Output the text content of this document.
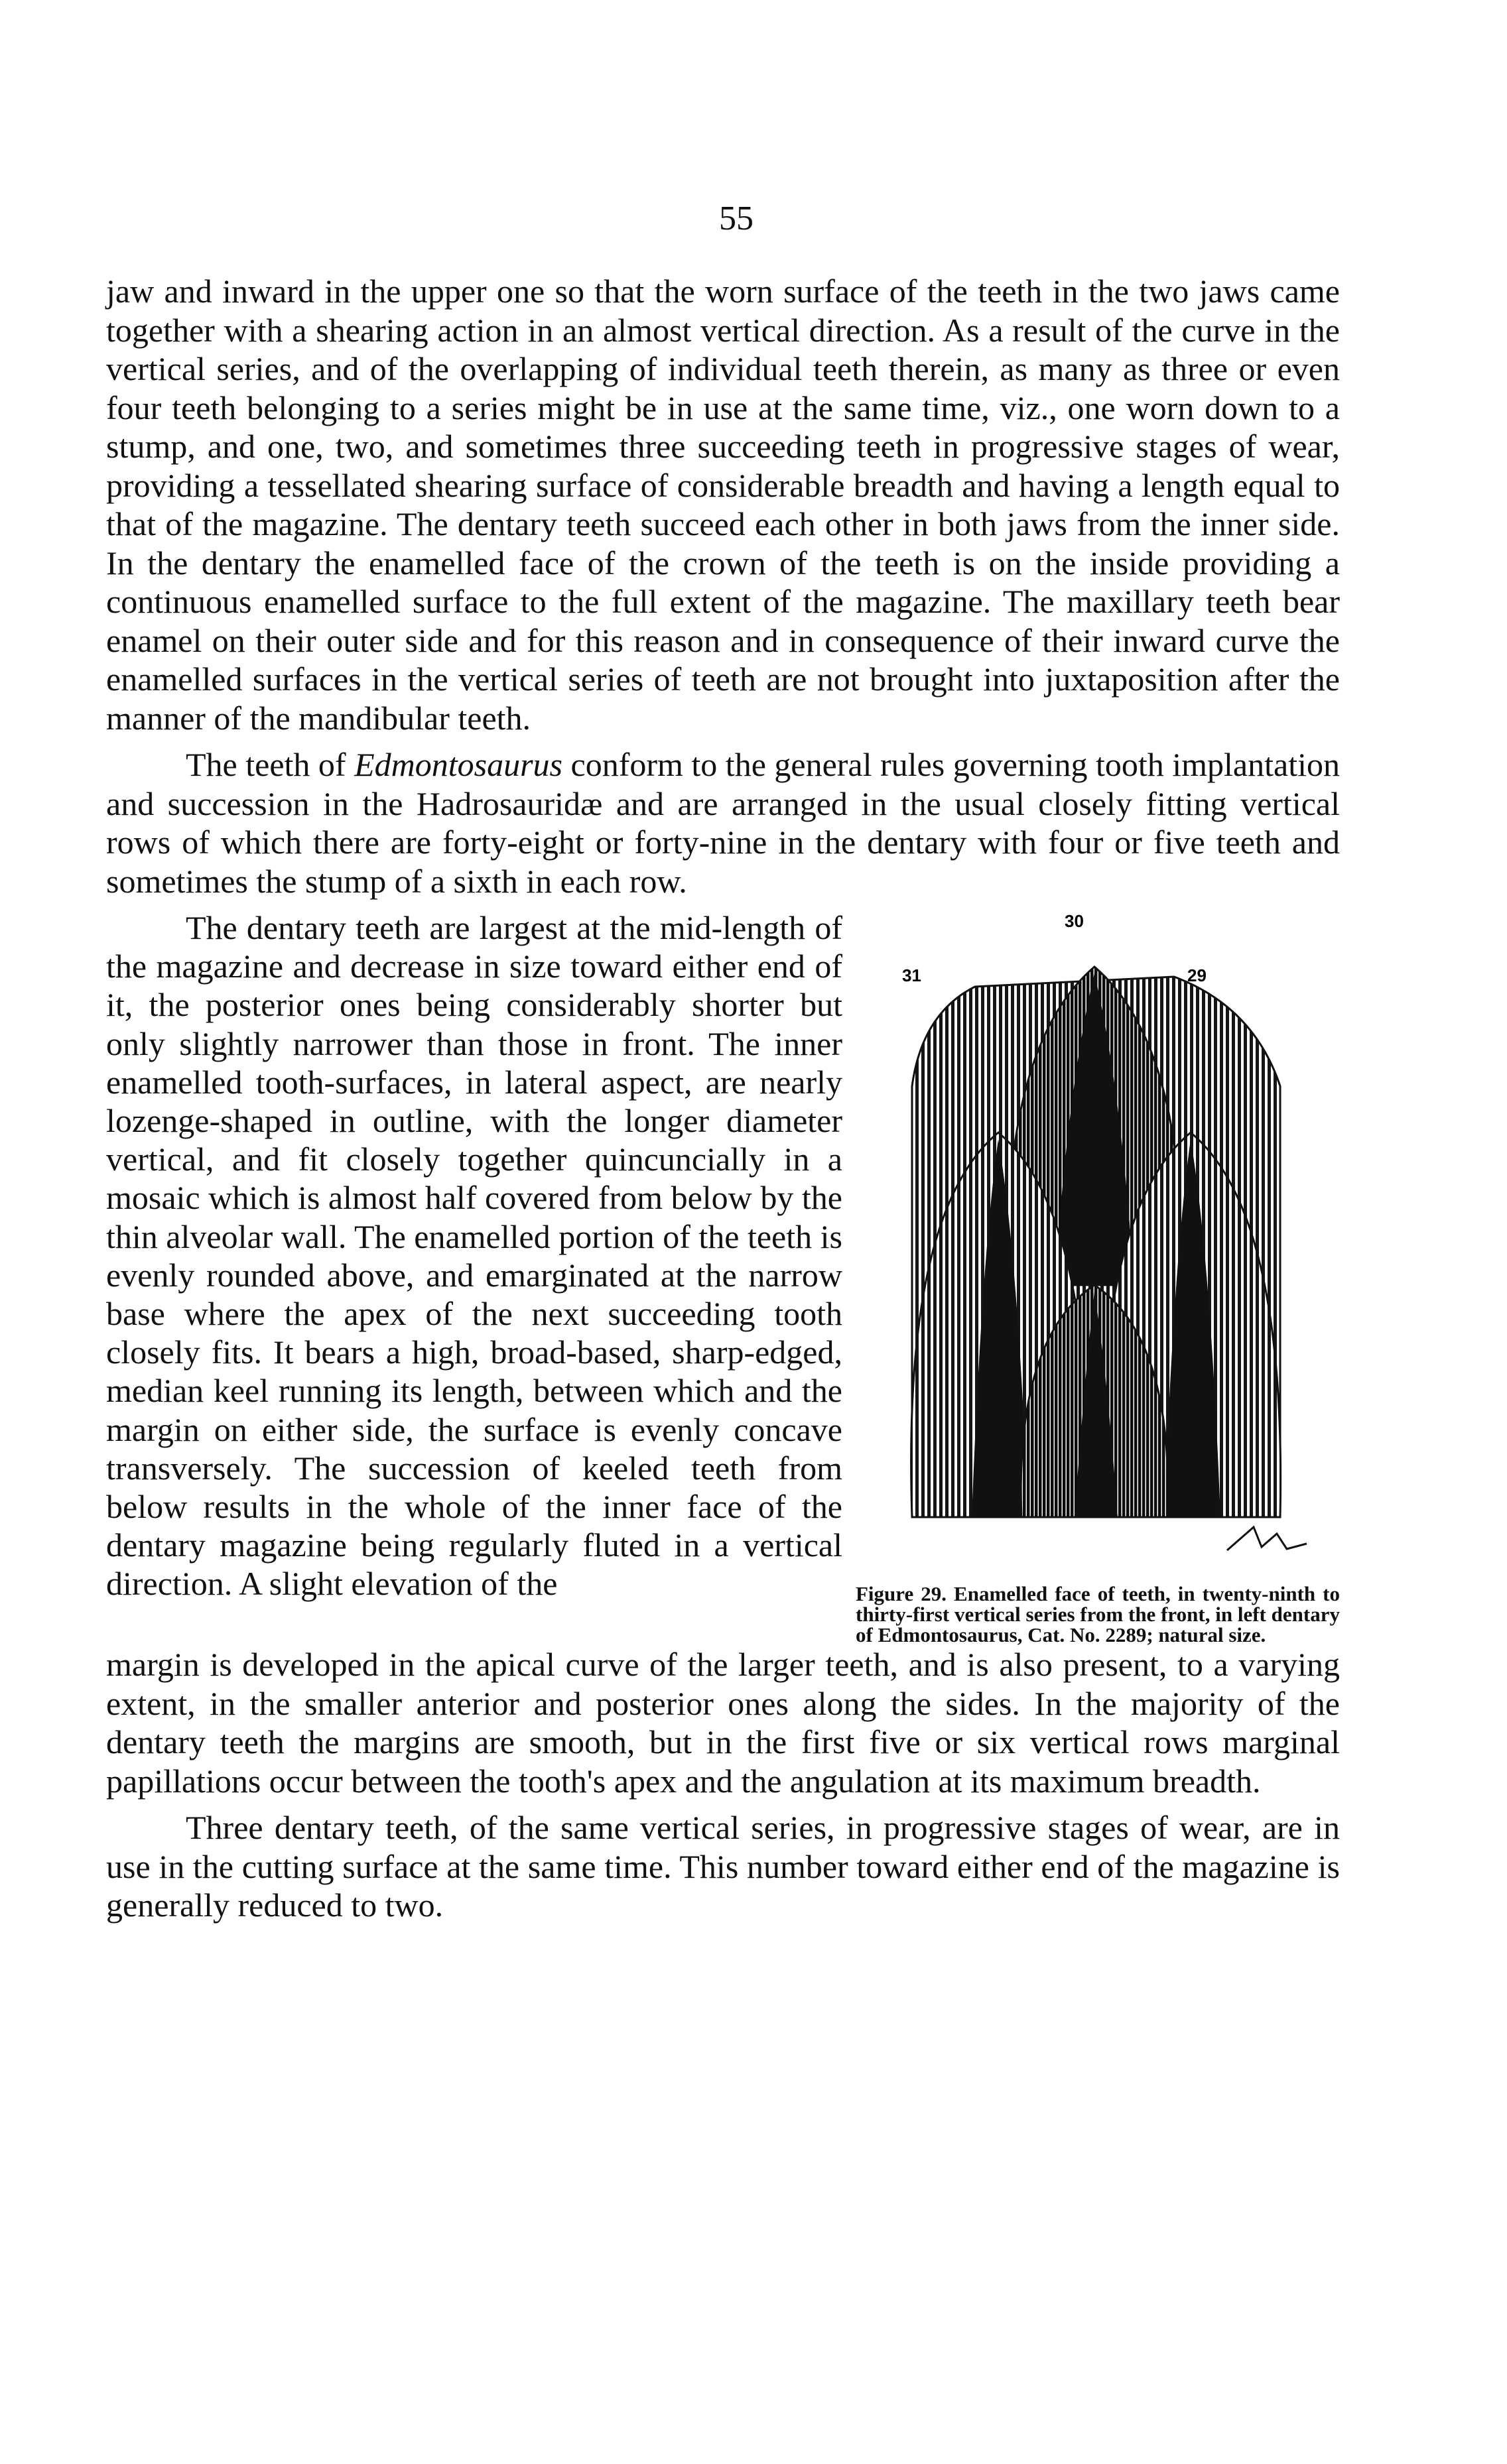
55

jaw and inward in the upper one so that the worn surface of the teeth in the two jaws came together with a shearing action in an almost vertical direction. As a result of the curve in the vertical series, and of the overlapping of individual teeth therein, as many as three or even four teeth belonging to a series might be in use at the same time, viz., one worn down to a stump, and one, two, and sometimes three succeeding teeth in progressive stages of wear, providing a tessellated shearing surface of considerable breadth and having a length equal to that of the magazine. The dentary teeth succeed each other in both jaws from the inner side. In the dentary the enamelled face of the crown of the teeth is on the inside providing a continuous enamelled surface to the full extent of the magazine. The maxillary teeth bear enamel on their outer side and for this reason and in consequence of their inward curve the enamelled surfaces in the vertical series of teeth are not brought into juxtaposition after the manner of the mandibular teeth.

The teeth of Edmontosaurus conform to the general rules governing tooth implantation and succession in the Hadrosauridæ and are arranged in the usual closely fitting vertical rows of which there are forty-eight or forty-nine in the dentary with four or five teeth and sometimes the stump of a sixth in each row.

The dentary teeth are largest at the mid-length of the magazine and decrease in size toward either end of it, the posterior ones being considerably shorter but only slightly narrower than those in front. The inner enamelled tooth-surfaces, in lateral aspect, are nearly lozenge-shaped in outline, with the longer diameter vertical, and fit closely together quincuncially in a mosaic which is almost half covered from below by the thin alveolar wall. The enamelled portion of the teeth is evenly rounded above, and emarginated at the narrow base where the apex of the next succeeding tooth closely fits. It bears a high, broad-based, sharp-edged, median keel running its length, between which and the margin on either side, the surface is evenly concave transversely. The succession of keeled teeth from below results in the whole of the inner face of the dentary magazine being regularly fluted in a vertical direction. A slight elevation of the

30
31	29
Figure 29. Enamelled face of teeth, in twenty-ninth to thirty-first vertical series from the front, in left dentary of Edmontosaurus, Cat. No. 2289; natural size.

margin is developed in the apical curve of the larger teeth, and is also present, to a varying extent, in the smaller anterior and posterior ones along the sides. In the majority of the dentary teeth the margins are smooth, but in the first five or six vertical rows marginal papillations occur between the tooth's apex and the angulation at its maximum breadth.

Three dentary teeth, of the same vertical series, in progressive stages of wear, are in use in the cutting surface at the same time. This number toward either end of the magazine is generally reduced to two.
